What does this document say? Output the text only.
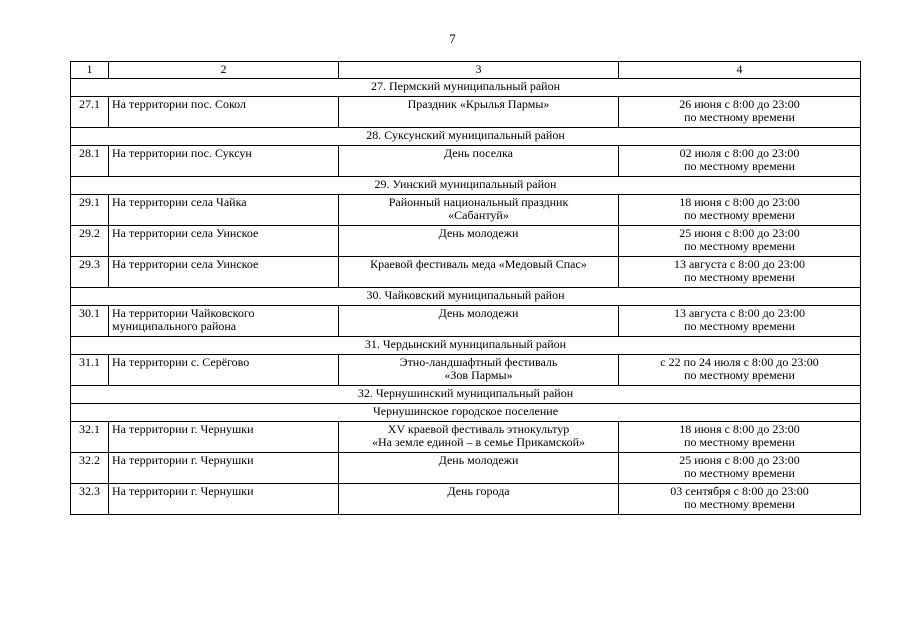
7
1	2	3	4
27. Пермский муниципальный район			
27.1	На территории пос. Сокол	Праздник «Крылья Пармы»	26 июня с 8:00 до 23:00
по местному времени

28. Суксунский муниципальный район			
28.1	На территории пос. Суксун	День поселка	02 июля с 8:00 до 23:00
по местному времени

29. Уинский муниципальный район			
29.1	На территории села Чайка	Районный национальный праздник
«Сабантуй»	18 июня с 8:00 до 23:00
по местному времени

29.2	На территории села Уинское	День молодежи	25 июня с 8:00 до 23:00
по местному времени

29.3	На территории села Уинское	Краевой фестиваль меда «Медовый Спас»	13 августа с 8:00 до 23:00
по местному времени

30. Чайковский муниципальный район			
30.1	На территории Чайковского
муниципального района	День молодежи	13 августа с 8:00 до 23:00
по местному времени

31. Чердынский муниципальный район			
31.1	На территории с. Серёгово	Этно-ландшафтный фестиваль
«Зов Пармы»	с 22 по 24 июля с 8:00 до 23:00
по местному времени

32. Чернушинский муниципальный район			
Чернушинское городское поселение			
32.1	На территории г. Чернушки	XV краевой фестиваль этнокультур
«На земле единой – в семье Прикамской»	18 июня с 8:00 до 23:00
по местному времени

32.2	На территории г. Чернушки	День молодежи	25 июня с 8:00 до 23:00
по местному времени

32.3	На территории г. Чернушки	День города	03 сентября с 8:00 до 23:00
по местному времени
